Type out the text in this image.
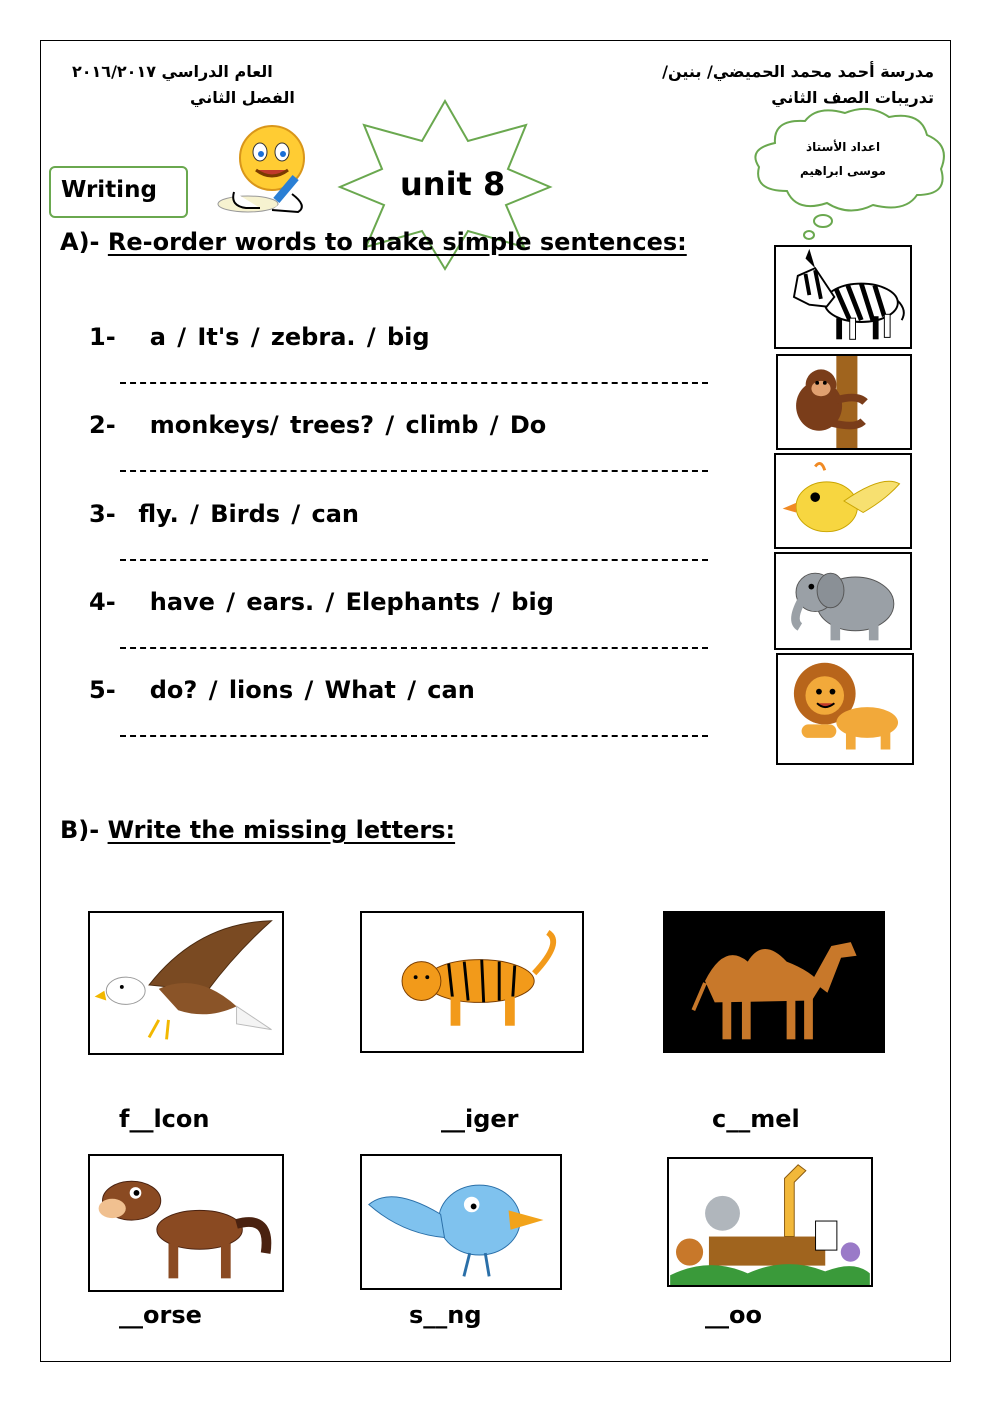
مدرسة أحمد محمد الحميضي/ بنين/
تدريبات الصف الثاني
العام الدراسي ٢٠١٦/٢٠١٧
الفصل الثاني
Writing	unit 8
اعداد الأستاذ
موسى ابراهيم
A)- Re-order words to make simple sentences:
1- a / It's / zebra. / big
2- monkeys/ trees? / climb / Do
3- fly. / Birds / can
4- have / ears. / Elephants / big
5- do? / lions / What / can
B)- Write the missing letters:
f__lcon	__iger	c__mel
__orse	s__ng	__oo
